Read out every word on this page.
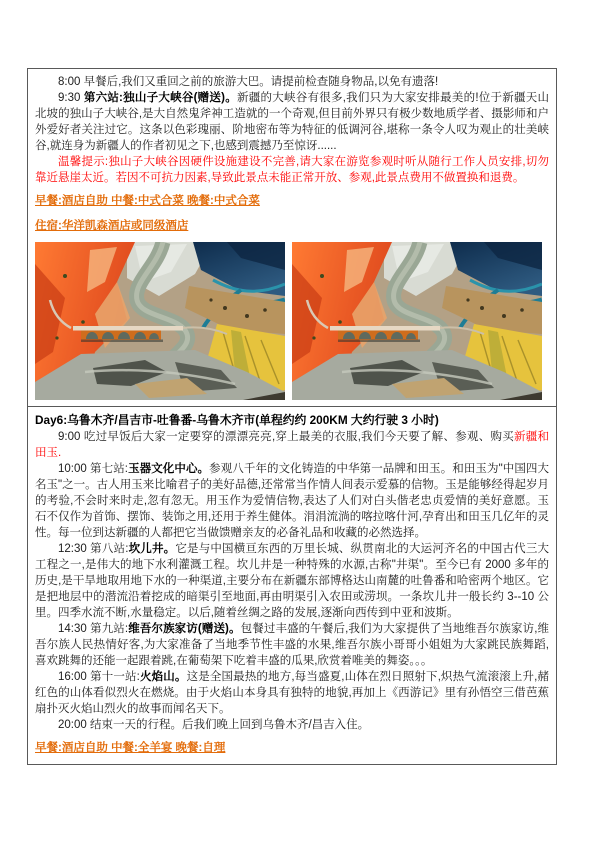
8:00 早餐后,我们又重回之前的旅游大巴。请提前检查随身物品,以免有遗落!

9:30 第六站:独山子大峡谷(赠送)。新疆的大峡谷有很多,我们只为大家安排最美的!位于新疆天山北坡的独山子大峡谷,是大自然鬼斧神工造就的一个奇观,但目前外界只有极少数地质学者、摄影师和户外爱好者关注过它。这条以色彩瑰丽、阶地密布等为特征的低调河谷,堪称一条令人叹为观止的壮美峡谷,就连身为新疆人的作者初见之下,也感到震撼乃至惊讶......

温馨提示:独山子大峡谷因硬件设施建设不完善,请大家在游览参观时听从随行工作人员安排,切勿靠近悬崖太近。若因不可抗力因素,导致此景点未能正常开放、参观,此景点费用不做置换和退费。

早餐:酒店自助 中餐:中式合菜 晚餐:中式合菜

住宿:华洋凯森酒店或同级酒店

Day6:乌鲁木齐/昌吉市-吐鲁番-乌鲁木齐市(单程约约 200KM 大约行驶 3 小时)

9:00 吃过早饭后大家一定要穿的漂漂亮亮,穿上最美的衣服,我们今天要了解、参观、购买新疆和田玉.

10:00 第七站:玉器文化中心。参观八千年的文化铸造的中华第一品牌和田玉。和田玉为"中国四大名玉"之一。古人用玉来比喻君子的美好品德,还常常当作情人间表示爱慕的信物。玉是能够经得起岁月的考验,不会时来时走,忽有忽无。用玉作为爱情信物,表达了人们对白头偕老忠贞爱情的美好意愿。玉石不仅作为首饰、摆饰、装饰之用,还用于养生健体。涓涓流淌的喀拉喀什河,孕育出和田玉几亿年的灵性。每一位到达新疆的人都把它当做馈赠亲友的必备礼品和收藏的必然选择。

12:30 第八站:坎儿井。它是与中国横亘东西的万里长城、纵贯南北的大运河齐名的中国古代三大工程之一,是伟大的地下水利灌溉工程。坎儿井是一种特殊的水源,古称"井渠"。至今已有 2000 多年的历史,是干旱地取用地下水的一种渠道,主要分布在新疆东部博格达山南麓的吐鲁番和哈密两个地区。它是把地层中的潜流沿着挖成的暗渠引至地面,再由明渠引入农田或涝坝。一条坎儿井一般长约 3--10 公里。四季水流不断,水量稳定。以后,随着丝绸之路的发展,逐渐向西传到中亚和波斯。

14:30 第九站:维吾尔族家访(赠送)。包餐过丰盛的午餐后,我们为大家提供了当地维吾尔族家访,维吾尔族人民热情好客,为大家准备了当地季节性丰盛的水果,维吾尔族小哥哥小姐姐为大家跳民族舞蹈,喜欢跳舞的还能一起跟着跳,在葡萄架下吃着丰盛的瓜果,欣赏着唯美的舞姿。。。

16:00 第十一站:火焰山。这是全国最热的地方,每当盛夏,山体在烈日照射下,炽热气流滚滚上升,赭红色的山体看似烈火在燃烧。由于火焰山本身具有独特的地貌,再加上《西游记》里有孙悟空三借芭蕉扇扑灭火焰山烈火的故事而闻名天下。

20:00 结束一天的行程。后我们晚上回到乌鲁木齐/昌吉入住。

早餐:酒店自助 中餐:全羊宴 晚餐:自理
